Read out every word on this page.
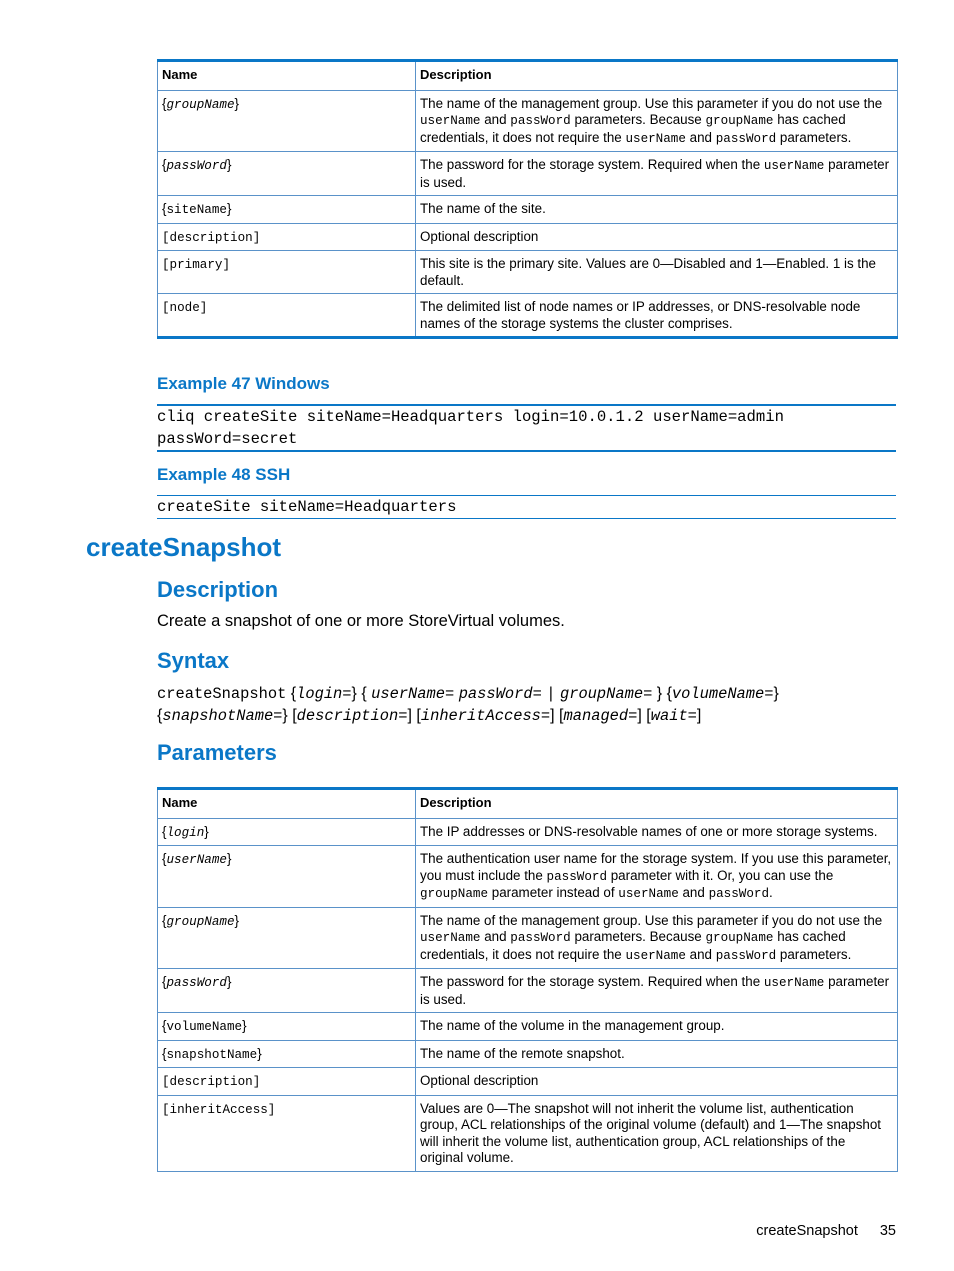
Name	Description
{groupName}	The name of the management group. Use this parameter if you do not use the userName and passWord parameters. Because groupName has cached credentials, it does not require the userName and passWord parameters.
{passWord}	The password for the storage system. Required when the userName parameter is used.
{siteName}	The name of the site.
[description]	Optional description
[primary]	This site is the primary site. Values are 0—Disabled and 1—Enabled. 1 is the default.
[node]	The delimited list of node names or IP addresses, or DNS-resolvable node names of the storage systems the cluster comprises.
Example 47 Windows
cliq createSite siteName=Headquarters login=10.0.1.2 userName=admin
passWord=secret
Example 48 SSH
createSite siteName=Headquarters
createSnapshot
Description
Create a snapshot of one or more StoreVirtual volumes.
Syntax
createSnapshot {login=} { userName= passWord= | groupName= } {volumeName=}
{snapshotName=} [description=] [inheritAccess=] [managed=] [wait=]
Parameters
Name	Description
{login}	The IP addresses or DNS-resolvable names of one or more storage systems.
{userName}	The authentication user name for the storage system. If you use this parameter, you must include the passWord parameter with it. Or, you can use the groupName parameter instead of userName and passWord.
{groupName}	The name of the management group. Use this parameter if you do not use the userName and passWord parameters. Because groupName has cached credentials, it does not require the userName and passWord parameters.
{passWord}	The password for the storage system. Required when the userName parameter is used.
{volumeName}	The name of the volume in the management group.
{snapshotName}	The name of the remote snapshot.
[description]	Optional description
[inheritAccess]	Values are 0—The snapshot will not inherit the volume list, authentication group, ACL relationships of the original volume (default) and 1—The snapshot will inherit the volume list, authentication group, ACL relationships of the original volume.
createSnapshot 35
